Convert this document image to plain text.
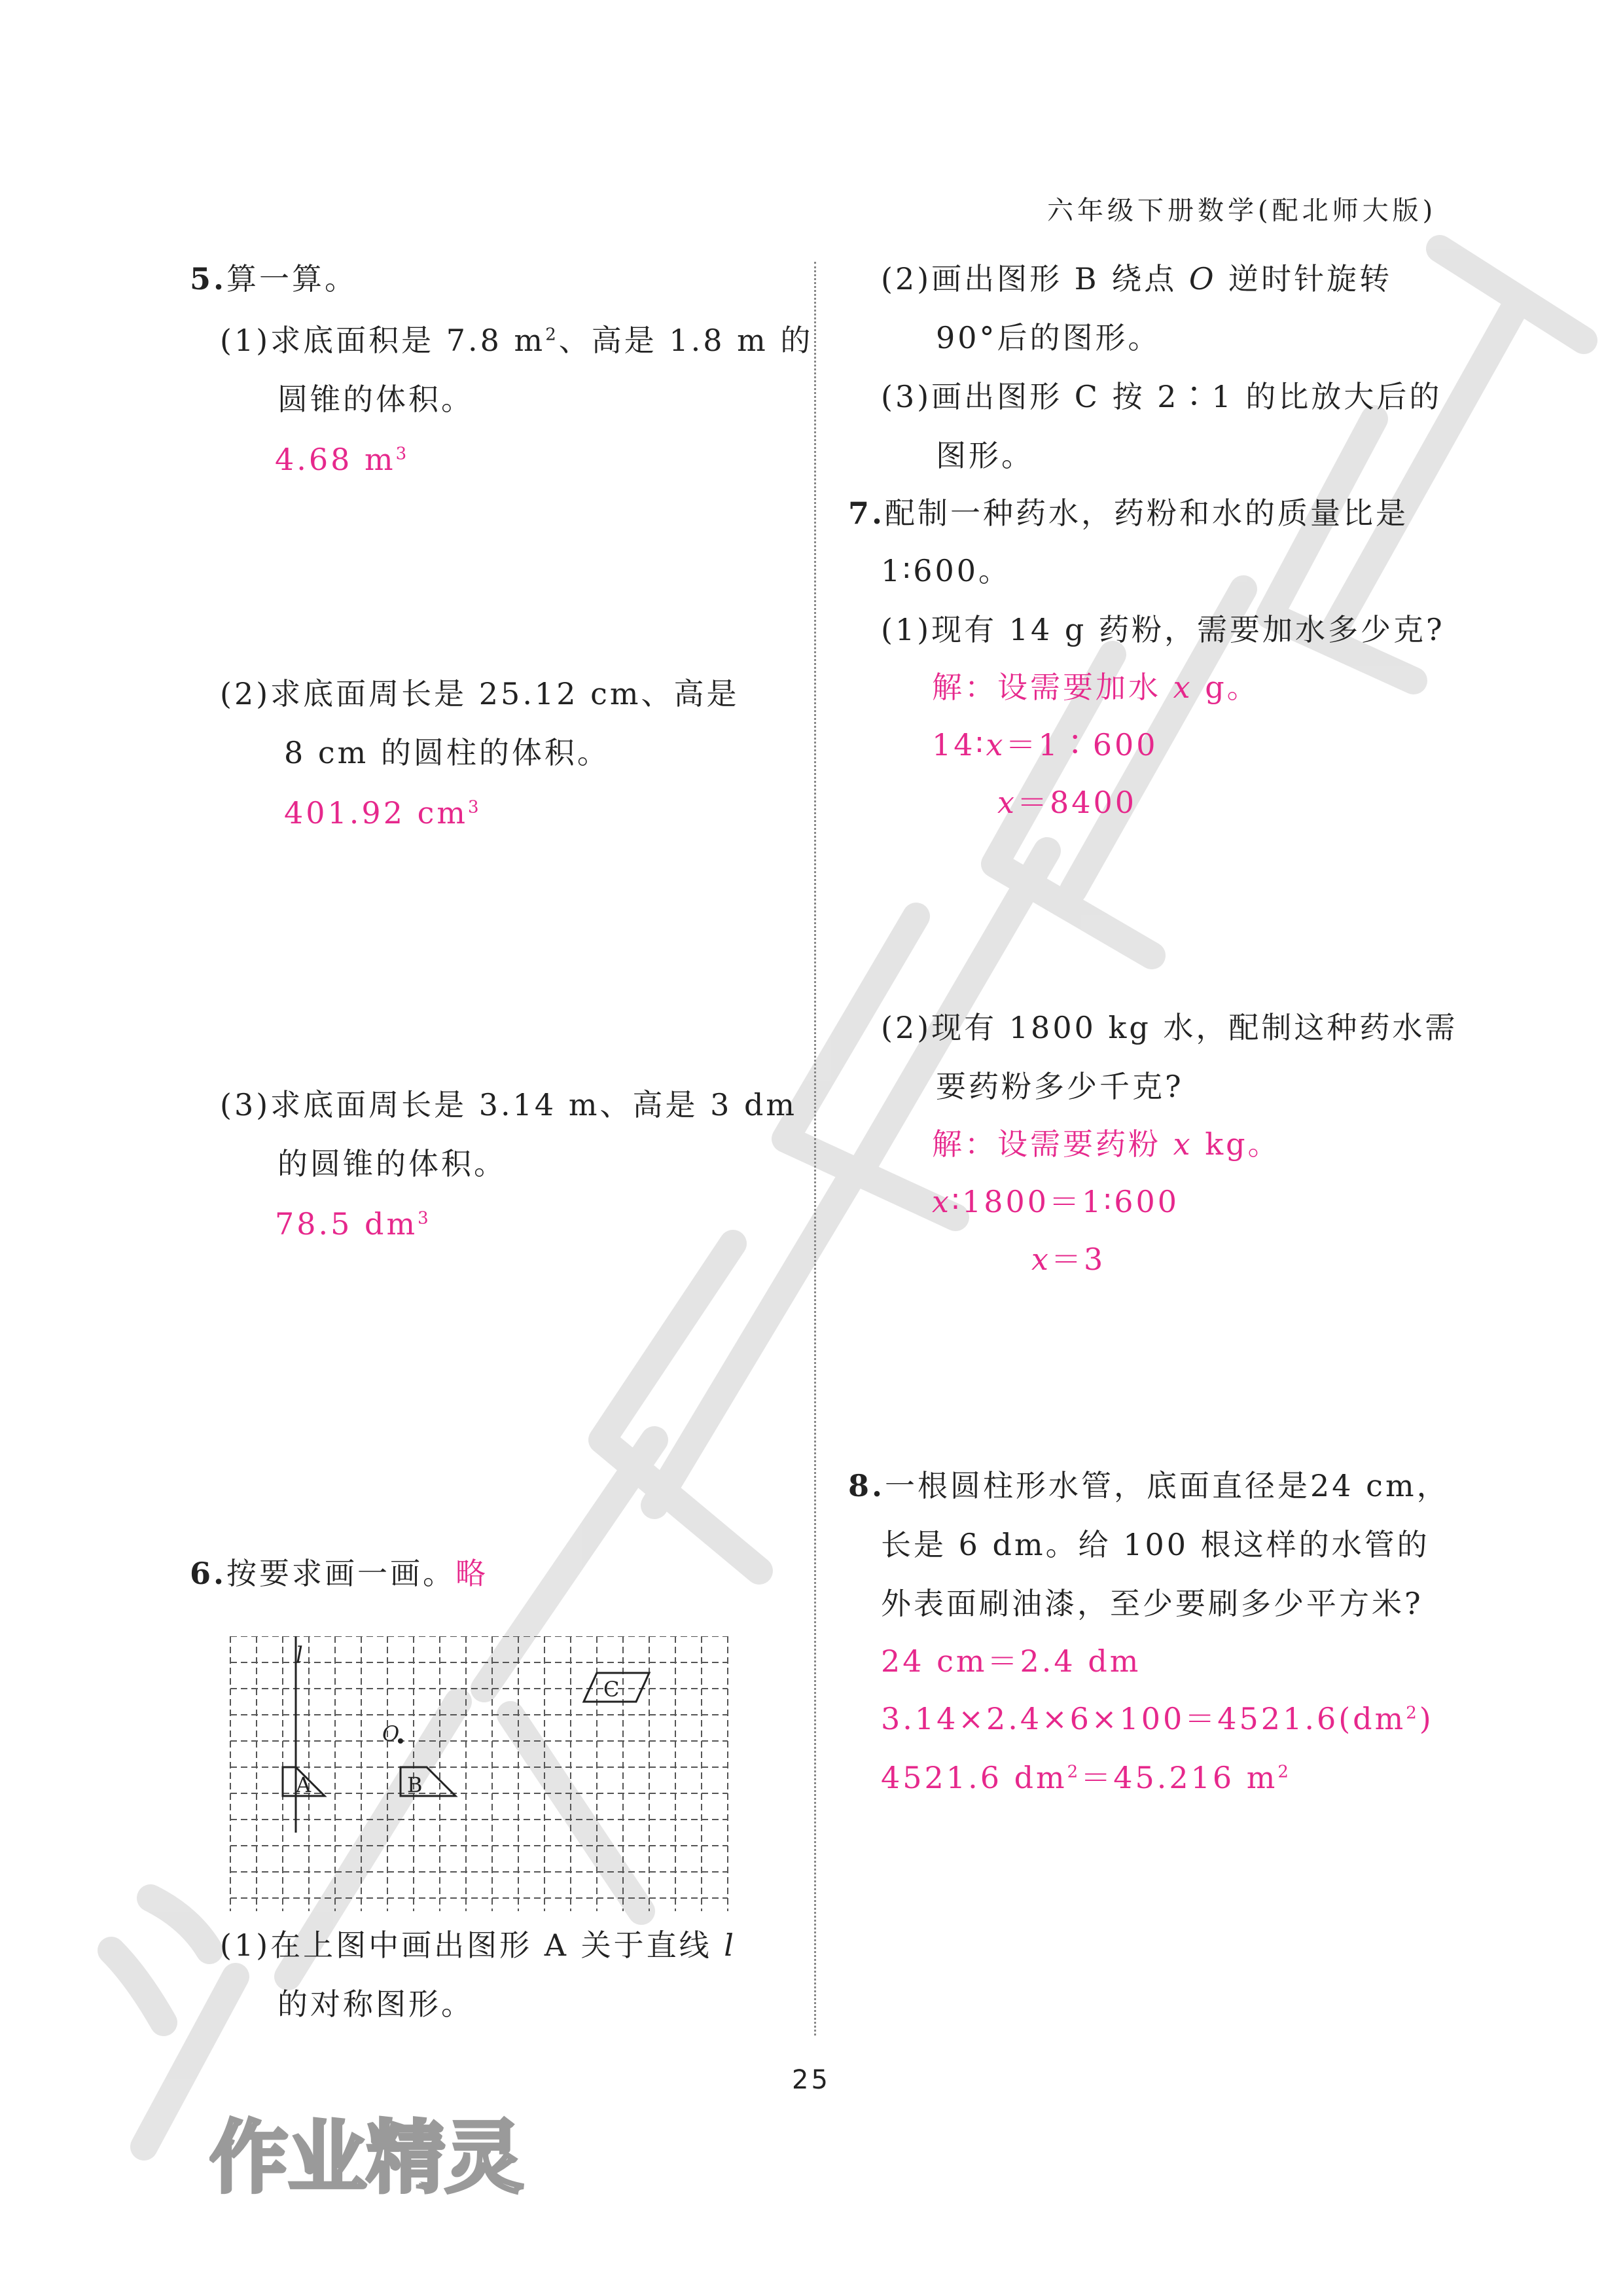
六年级下册数学(配北师大版)
5.算一算。
(1)求底面积是 7.8 $m^2$、高是 1.8 m 的
圆锥的体积。
4.68 $m^3$
(2)求底面周长是 25.12 cm、高是
8 cm 的圆柱的体积。
401.92 $cm^3$
(3)求底面周长是 3.14 m、高是 3 dm
的圆锥的体积。
78.5 $dm^3$
6.按要求画一画。略
l
O
A	B
C
(1)在上图中画出图形 A 关于直线 l
的对称图形。
(2)画出图形 B 绕点 O 逆时针旋转
90°后的图形。
(3)画出图形 C 按 2∶1 的比放大后的
图形。
7.配制一种药水，药粉和水的质量比是
1∶600。
(1)现有 14 g 药粉，需要加水多少克?
解：设需要加水 x g。
14∶x＝1∶600
x＝8400
(2)现有 1800 kg 水，配制这种药水需
要药粉多少千克?
解：设需要药粉 x kg。
x∶1800＝1∶600
x＝3
8.一根圆柱形水管，底面直径是24 cm，
长是 6 dm。给 100 根这样的水管的
外表面刷油漆，至少要刷多少平方米?
24 cm＝2.4 dm
$3.14\times 2.4\times 6\times 100=4521.6(dm^2)$
4521.6 $dm^2=45.216$ $m^2$
25
作业精灵
